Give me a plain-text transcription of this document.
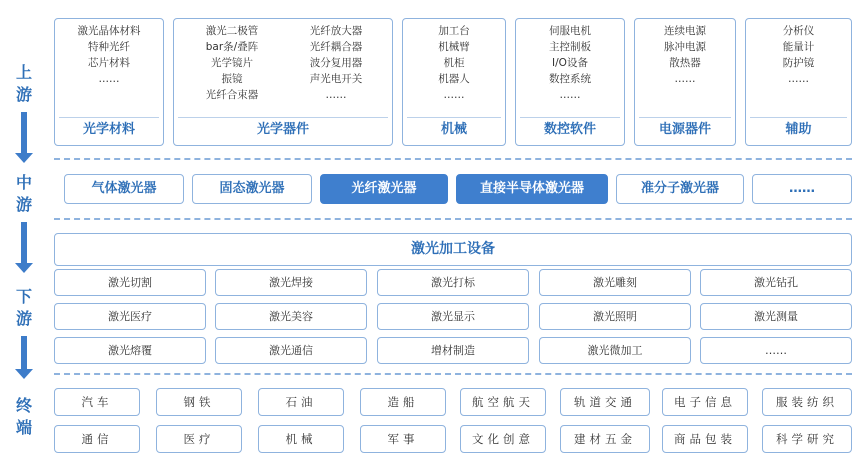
上
游
中
游
下
游
终
端
激光晶体材料
特种光纤
芯片材料
……
光学材料
激光二极管
bar条/叠阵
光学镜片
振镜
光纤合束器
光纤放大器
光纤耦合器
波分复用器
声光电开关
……
光学器件
加工台
机械臂
机柜
机器人
……
机械
伺服电机
主控制板
I/O设备
数控系统
……
数控软件
连续电源
脉冲电源
散热器
……
电源器件
分析仪
能量计
防护镜
……
辅助
气体激光器	固态激光器	光纤激光器	直接半导体激光器	准分子激光器	……
激光加工设备
激光切割	激光焊接	激光打标	激光雕刻	激光钻孔
激光医疗	激光美容	激光显示	激光照明	激光测量
激光熔覆	激光通信	增材制造	激光微加工	……
汽车	钢铁	石油	造船	航空航天	轨道交通	电子信息	服装纺织
通信	医疗	机械	军事	文化创意	建材五金	商品包装	科学研究
